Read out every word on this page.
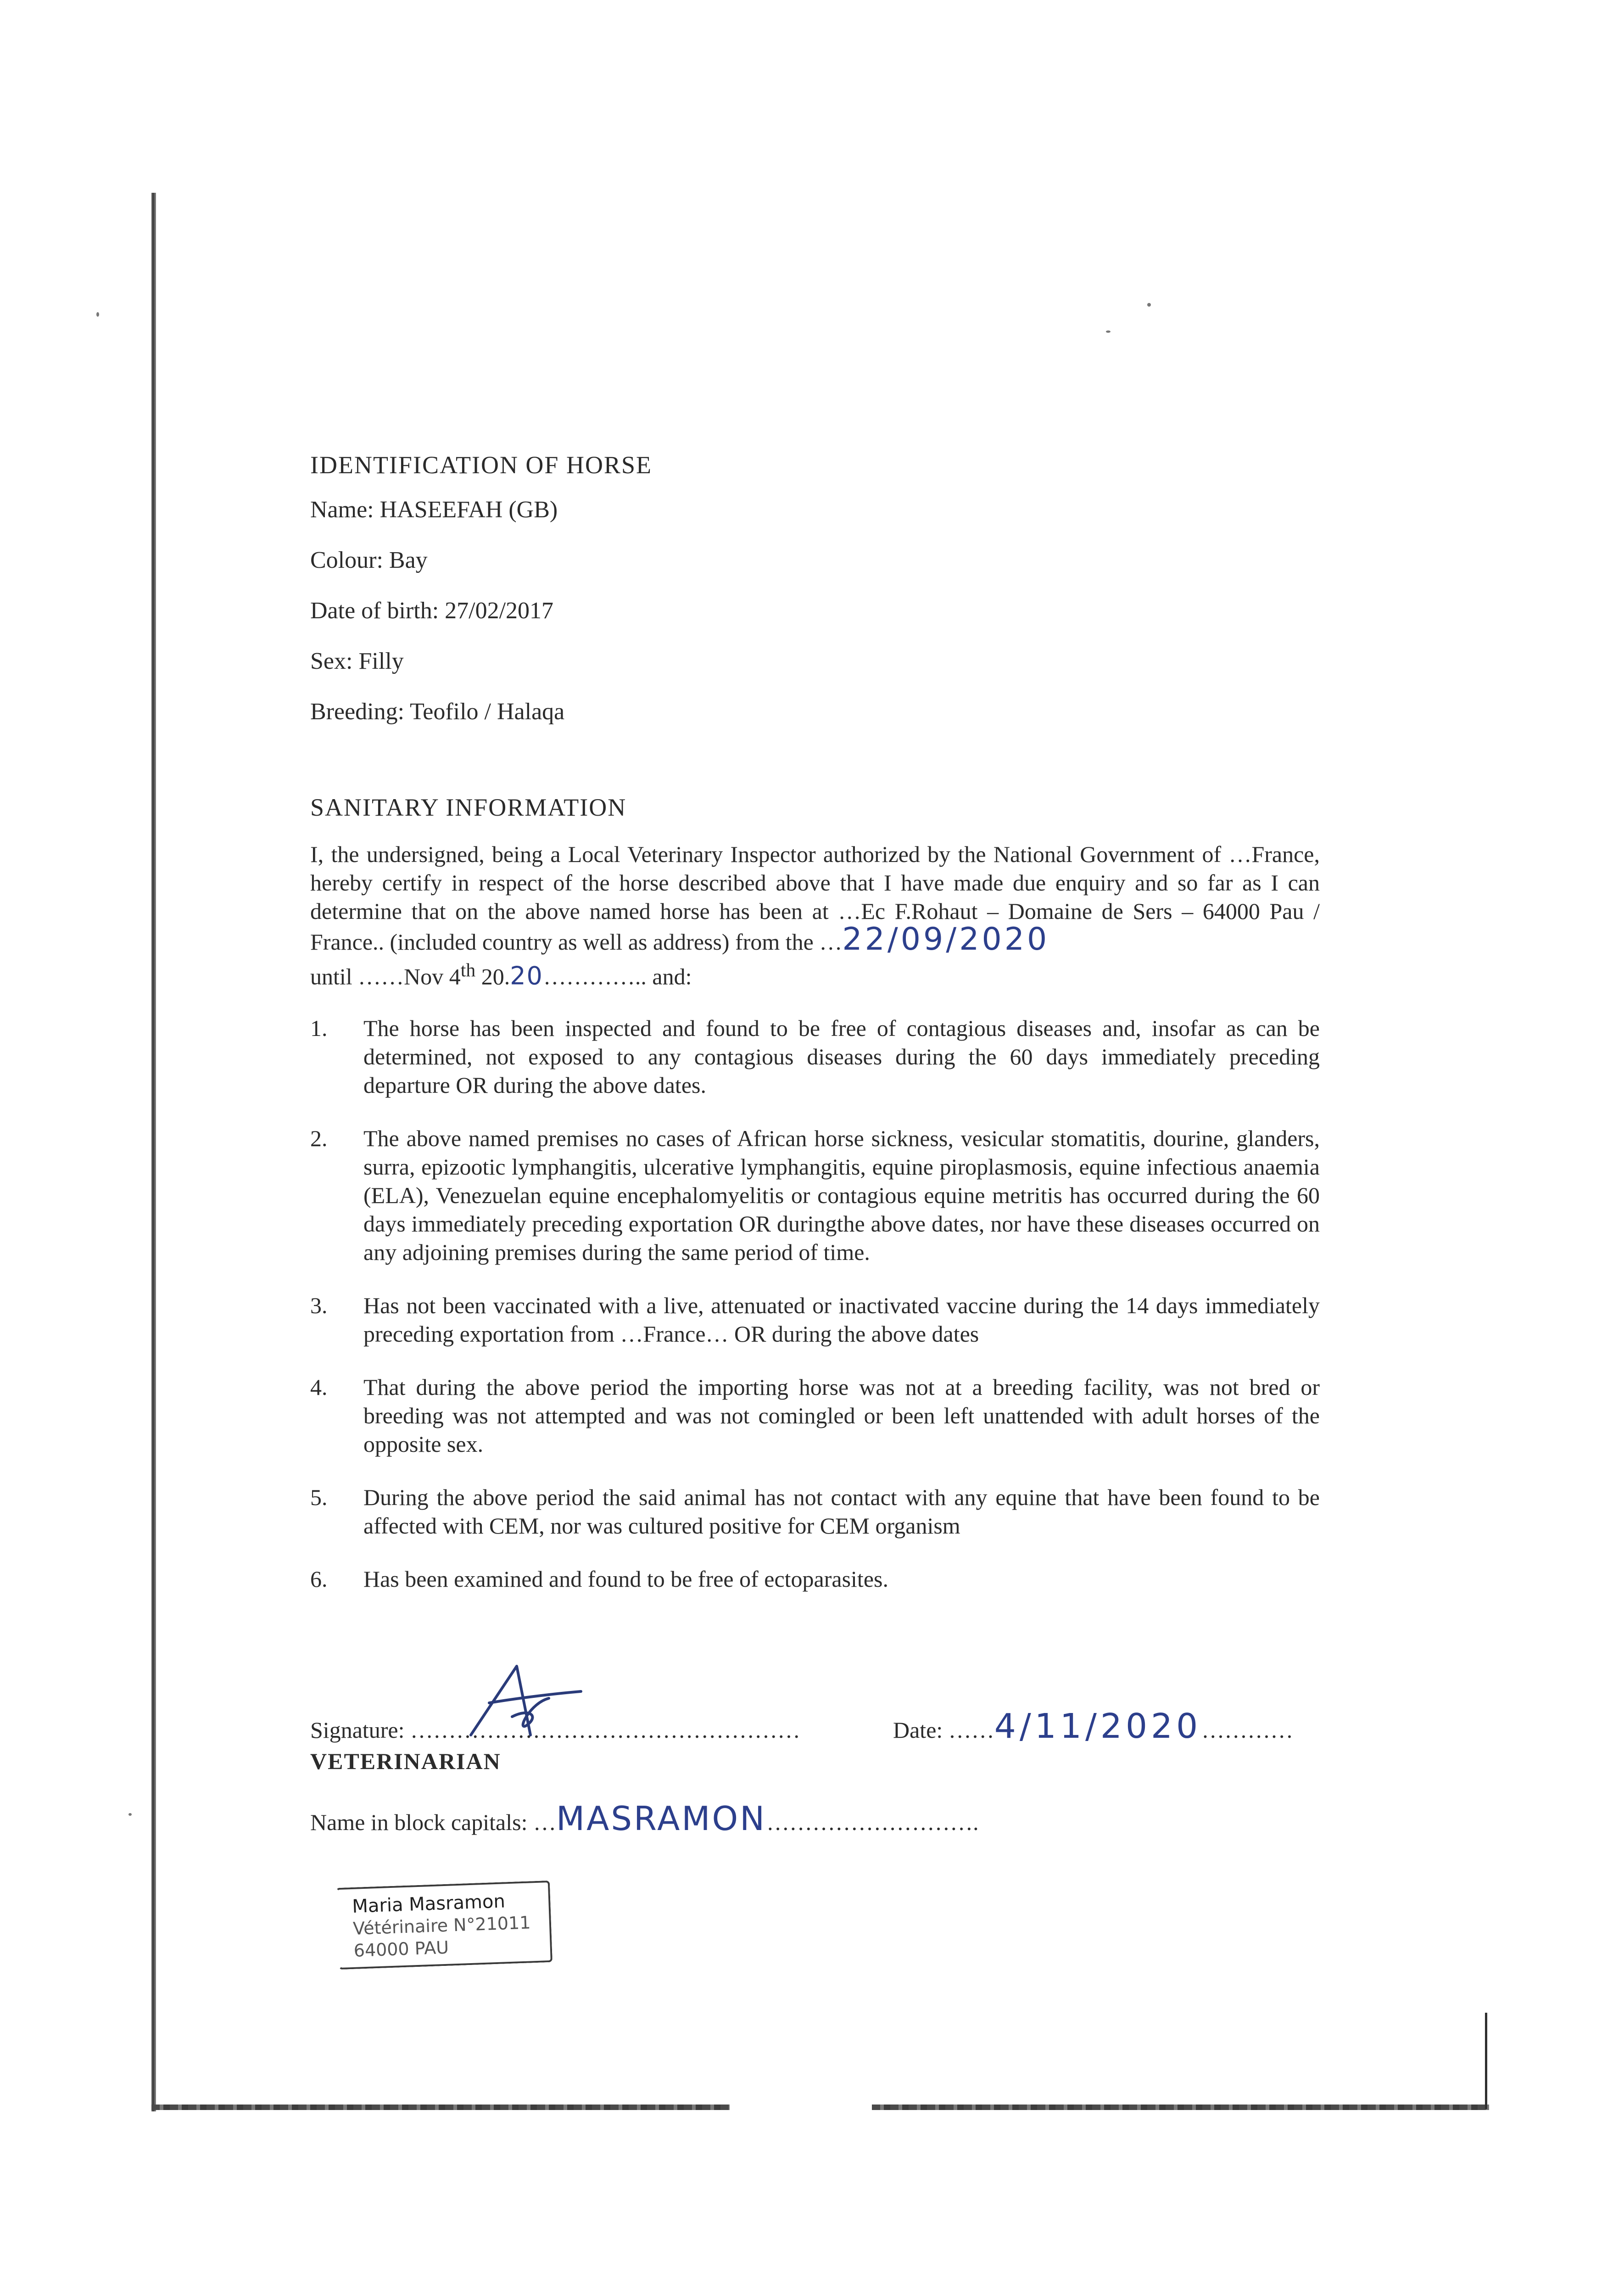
IDENTIFICATION OF HORSE

Name: HASEEFAH (GB)

Colour: Bay

Date of birth: 27/02/2017

Sex: Filly

Breeding: Teofilo / Halaqa

SANITARY INFORMATION

I, the undersigned, being a Local Veterinary Inspector authorized by the National Government of …France, hereby certify in respect of the horse described above that I have made due enquiry and so far as I can determine that on the above named horse has been at …Ec F.Rohaut – Domaine de Sers – 64000 Pau / France.. (included country as well as address) from the …22/09/2020
until ……Nov 4th 20.20………….. and:

1.	The horse has been inspected and found to be free of contagious diseases and, insofar as can be determined, not exposed to any contagious diseases during the 60 days immediately preceding departure OR during the above dates.
2.	The above named premises no cases of African horse sickness, vesicular stomatitis, dourine, glanders, surra, epizootic lymphangitis, ulcerative lymphangitis, equine piroplasmosis, equine infectious anaemia (ELA), Venezuelan equine encephalomyelitis or contagious equine metritis has occurred during the 60 days immediately preceding exportation OR duringthe above dates, nor have these diseases occurred on any adjoining premises during the same period of time.
3.	Has not been vaccinated with a live, attenuated or inactivated vaccine during the 14 days immediately preceding exportation from …France… OR during the above dates
4.	That during the above period the importing horse was not at a breeding facility, was not bred or breeding was not attempted and was not comingled or been left unattended with adult horses of the opposite sex.
5.	During the above period the said animal has not contact with any equine that have been found to be affected with CEM, nor was cultured positive for CEM organism
6.	Has been examined and found to be free of ectoparasites.
Signature: ……………………………………………	Date: ……4/11/2020…………
VETERINARIAN
Name in block capitals: …MASRAMON……………………….
Maria Masramon
Vétérinaire N°21011
64000 PAU
